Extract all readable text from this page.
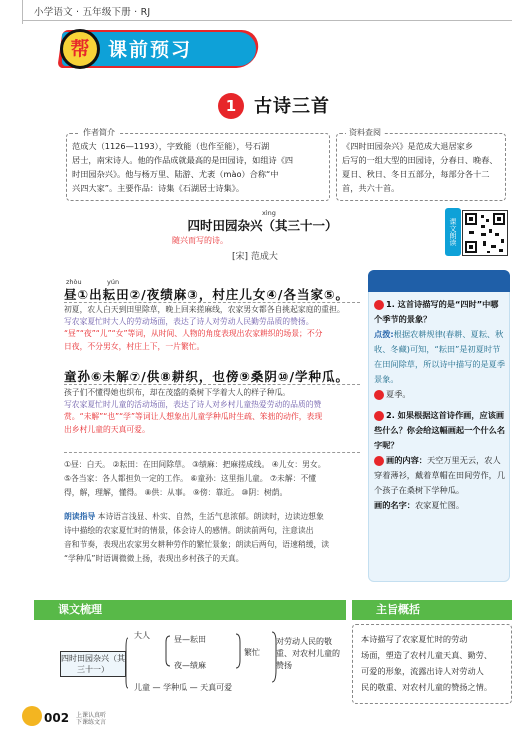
小学语文 · 五年级下册 · RJ
帮 课前预习
1 古诗三首
作者简介
范成大（1126—1193），字致能（也作至能），号石湖
居士，南宋诗人。他的作品成就最高的是田园诗，如组诗《四
时田园杂兴》。他与杨万里、陆游、尤袤（mào）合称“中
兴四大家”。主要作品：诗集《石湖居士诗集》。
资料查阅
《四时田园杂兴》是范成大退居家乡
后写的一组大型的田园诗，分春日、晚春、
夏日、秋日、冬日五部分，每部分各十二
首，共六十首。
课文朗读
xìng
四时田园杂兴（其三十一）
随兴而写的诗。
[宋] 范成大
zhòu	yún
昼①出耘田②/夜绩麻③，村庄儿女④/各当家⑤。
初夏，农人白天到田里除草，晚上回来搓麻线，农家男女都各自挑起家庭的重担。
写农家夏忙时大人的劳动场面，表达了诗人对劳动人民勤劳品质的赞扬。
“昼”“夜”“儿”“女”等词，从时间、人物的角度表现出农家耕织的场景；不分
日夜，不分男女，村庄上下，一片繁忙。
童孙⑥未解⑦/供⑧耕织，也傍⑨桑阴⑩/学种瓜。
孩子们不懂得她也织布，却在茂盛的桑树下学着大人的样子种瓜。
写农家夏忙时儿童的活动场面，表达了诗人对乡村儿童热爱劳动的品质的赞
赏。“未解”“也”“学”等词让人想象出儿童学种瓜时生疏、笨拙的动作，表现
出乡村儿童的天真可爱。
①昼：白天。 ②耘田：在田间除草。 ③绩麻：把麻搓成线。 ④儿女：男女。
⑤各当家：各人都担负一定的工作。 ⑥童孙：这里指儿童。 ⑦未解：不懂
得，解，理解，懂得。 ⑧供：从事。 ⑨傍：靠近。 ⑩阴：树荫。
朗读指导 本诗语言浅显、朴实、自然，生活气息浓郁。朗读时，边读边想象
诗中描绘的农家夏忙时的情景，体会诗人的感情。朗读前两句，注意读出
音和节奏，表现出农家男女耕种劳作的繁忙景象；朗读后两句，语速稍缓，读
“学种瓜”时语调微微上扬，表现出乡村孩子的天真。
老师问 学生答 考试考
1. 这首诗描写的是“四时”中哪个季节的景象？
点拨:根据农耕规律(春耕、夏耘、秋收、冬藏)可知，“耘田”是初夏时节在田间除草，所以诗中描写的是夏季景象。
夏季。
2. 如果根据这首诗作画，应该画些什么？你会给这幅画起一个什么名字呢？
画的内容：天空万里无云，农人穿着薄衫，戴着草帽在田间劳作，几个孩子在桑树下学种瓜。
画的名字：农家夏忙图。
课文梳理	主旨概括
四时田园杂兴（其三十一）
大人	昼—耘田
夜—绩麻
繁忙
儿童 — 学种瓜 — 天真可爱
对劳动人民的敬重、对农村儿童的赞扬
本诗描写了农家夏忙时的劳动
场面，塑造了农村儿童天真、勤劳、
可爱的形象，流露出诗人对劳动人
民的敬重、对农村儿童的赞扬之情。
002 上课认真听
下课练文言
